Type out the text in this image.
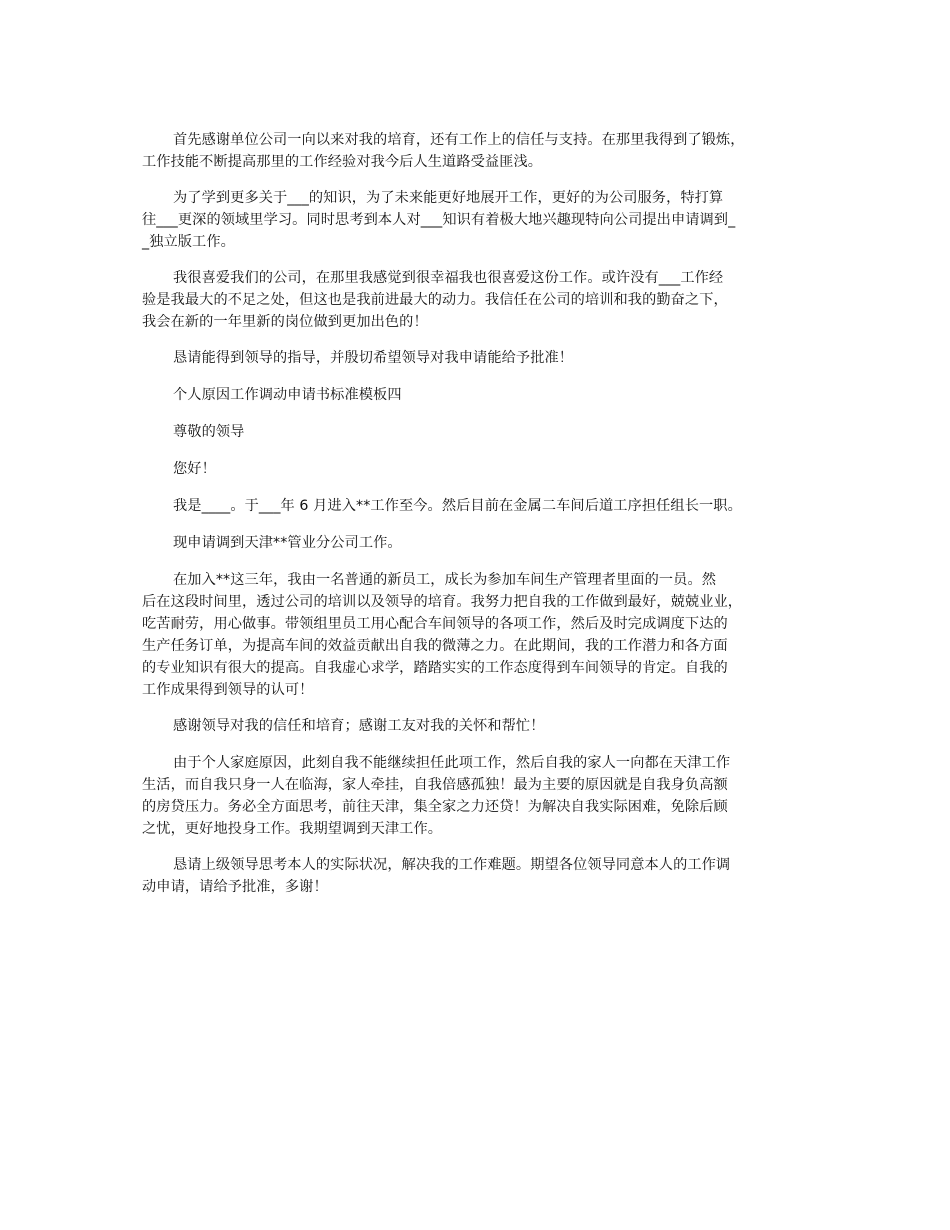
首先感谢单位公司一向以来对我的培育，还有工作上的信任与支持。在那里我得到了锻炼，
工作技能不断提高那里的工作经验对我今后人生道路受益匪浅。

为了学到更多关于___的知识，为了未来能更好地展开工作，更好的为公司服务，特打算
往___更深的领域里学习。同时思考到本人对___知识有着极大地兴趣现特向公司提出申请调到_
_独立版工作。

我很喜爱我们的公司，在那里我感觉到很幸福我也很喜爱这份工作。或许没有___工作经
验是我最大的不足之处，但这也是我前进最大的动力。我信任在公司的培训和我的勤奋之下，
我会在新的一年里新的岗位做到更加出色的！

恳请能得到领导的指导，并殷切希望领导对我申请能给予批准！

个人原因工作调动申请书标准模板四

尊敬的领导

您好！

我是____。于___年 6 月进入**工作至今。然后目前在金属二车间后道工序担任组长一职。

现申请调到天津**管业分公司工作。

在加入**这三年，我由一名普通的新员工，成长为参加车间生产管理者里面的一员。然
后在这段时间里，透过公司的培训以及领导的培育。我努力把自我的工作做到最好，兢兢业业，
吃苦耐劳，用心做事。带领组里员工用心配合车间领导的各项工作，然后及时完成调度下达的
生产任务订单，为提高车间的效益贡献出自我的微薄之力。在此期间，我的工作潜力和各方面
的专业知识有很大的提高。自我虚心求学，踏踏实实的工作态度得到车间领导的肯定。自我的
工作成果得到领导的认可！

感谢领导对我的信任和培育；感谢工友对我的关怀和帮忙！

由于个人家庭原因，此刻自我不能继续担任此项工作，然后自我的家人一向都在天津工作
生活，而自我只身一人在临海，家人牵挂，自我倍感孤独！最为主要的原因就是自我身负高额
的房贷压力。务必全方面思考，前往天津，集全家之力还贷！为解决自我实际困难，免除后顾
之忧，更好地投身工作。我期望调到天津工作。

恳请上级领导思考本人的实际状况，解决我的工作难题。期望各位领导同意本人的工作调
动申请，请给予批准，多谢！
